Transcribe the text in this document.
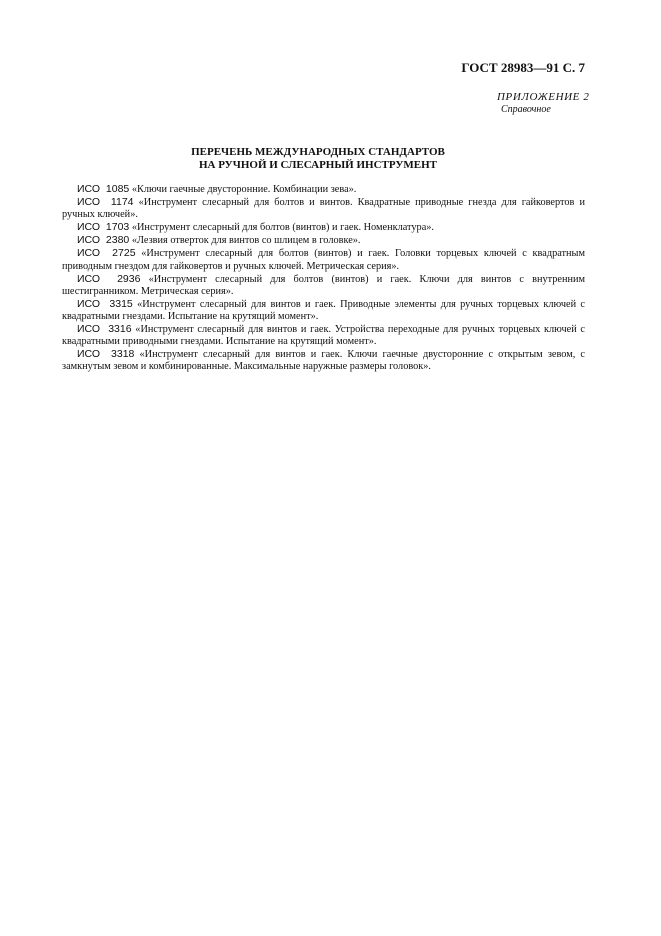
ГОСТ 28983—91 С. 7
ПРИЛОЖЕНИЕ 2
Справочное
ПЕРЕЧЕНЬ МЕЖДУНАРОДНЫХ СТАНДАРТОВ
НА РУЧНОЙ И СЛЕСАРНЫЙ ИНСТРУМЕНТ

ИСО  1085 «Ключи гаечные двусторонние. Комбинации зева».

ИСО  1174 «Инструмент слесарный для болтов и винтов. Квадратные приводные гнезда для гайковертов и ручных ключей».

ИСО  1703 «Инструмент слесарный для болтов (винтов) и гаек. Номенклатура».

ИСО  2380 «Лезвия отверток для винтов со шлицем в головке».

ИСО  2725 «Инструмент слесарный для болтов (винтов) и гаек. Головки торцевых ключей с квадратным приводным гнездом для гайковертов и ручных ключей. Метрическая серия».

ИСО  2936 «Инструмент слесарный для болтов (винтов) и гаек. Ключи для винтов с внутренним шестигранником. Метрическая серия».

ИСО  3315 «Инструмент слесарный для винтов и гаек. Приводные элементы для ручных торцевых ключей с квадратными гнездами. Испытание на крутящий момент».

ИСО  3316 «Инструмент слесарный для винтов и гаек. Устройства переходные для ручных торцевых ключей с квадратными приводными гнездами. Испытание на крутящий момент».

ИСО  3318 «Инструмент слесарный для винтов и гаек. Ключи гаечные двусторонние с открытым зевом, с замкнутым зевом и комбинированные. Максимальные наружные размеры головок».
